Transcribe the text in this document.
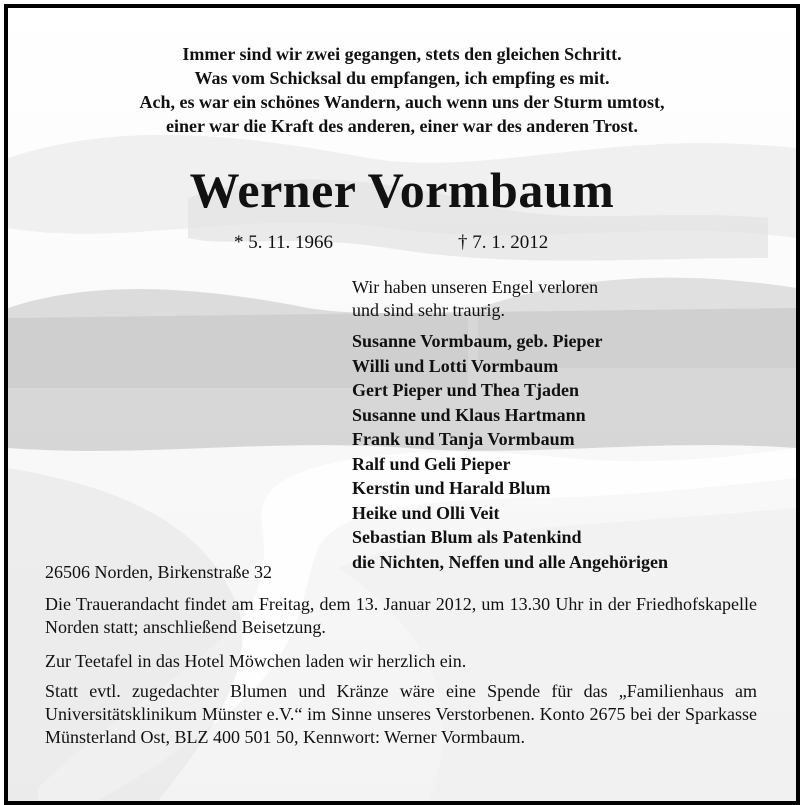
Immer sind wir zwei gegangen, stets den gleichen Schritt.
Was vom Schicksal du empfangen, ich empfing es mit.
Ach, es war ein schönes Wandern, auch wenn uns der Sturm umtost,
einer war die Kraft des anderen, einer war des anderen Trost.
Werner Vormbaum
* 5. 11. 1966	† 7. 1. 2012
Wir haben unseren Engel verloren
und sind sehr traurig.
Susanne Vormbaum, geb. Pieper
Willi und Lotti Vormbaum
Gert Pieper und Thea Tjaden
Susanne und Klaus Hartmann
Frank und Tanja Vormbaum
Ralf und Geli Pieper
Kerstin und Harald Blum
Heike und Olli Veit
Sebastian Blum als Patenkind
die Nichten, Neffen und alle Angehörigen
26506 Norden, Birkenstraße 32
Die Trauerandacht findet am Freitag, dem 13. Januar 2012, um 13.30 Uhr in der Friedhofskapelle Norden statt; anschließend Beisetzung.
Zur Teetafel in das Hotel Möwchen laden wir herzlich ein.
Statt evtl. zugedachter Blumen und Kränze wäre eine Spende für das „Familienhaus am Universitätsklinikum Münster e.V.“ im Sinne unseres Verstorbenen. Konto 2675 bei der Sparkasse Münsterland Ost, BLZ 400 501 50, Kennwort: Werner Vormbaum.
